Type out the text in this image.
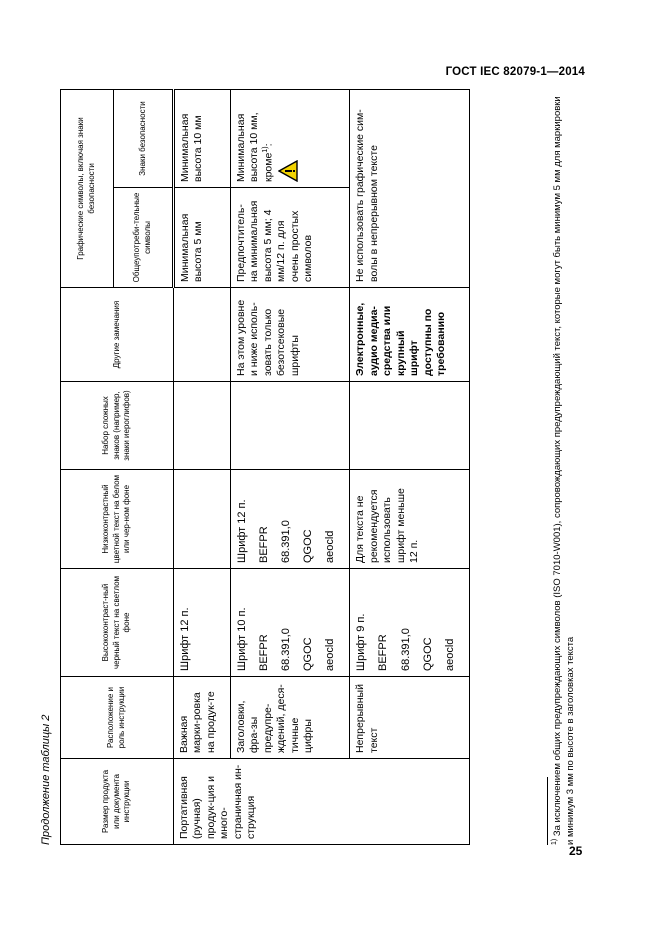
ГОСТ IEC 82079-1—2014
Продолжение таблицы 2	Размер продукта или документа инструкции	Расположение и роль инструкции	Высококонтраст-ный черный текст на светлом фоне	Низкоконтрастный цветной текст на белом или чер-ном фоне	Набор сложных знаков (например, знаки иероглифов)	Другие замечания	Графические символы, включая знаки безопасности	
						Общеупотреби-тельные символы	Знаки безопасности
Портативная (ручная) продук-ция и много-страничная ин-струкция	Важная марки-ровка на продук-те	Шрифт 12 п.				Минимальная высота 5 мм	Минимальная высота 10 мм
	Заголовки, фра-зы предупре-ждений, деся-тичные цифры	Шрифт 10 п. BEFPR 68.391,0 QGOC aeocld	Шрифт 12 п. BEFPR 68.391,0 QGOC aeocld		На этом уровне и ниже исполь-зовать только безотсековые шрифты	Предпочтитель-на минимальная высота 5 мм; 4 мм/12 п. для очень простых символов	Минимальная высота 10 мм, кроме$^{1)}$:

	Непрерывный текст	Шрифт 9 п. BEFPR 68.391,0 QGOC aeocld	Для текста не рекомендуется использовать шрифт меньше 12 п.		Электронные, аудио медиа-средства или крупный шрифт доступны по требованию	Не использовать графические сим-волы в непрерывном тексте	
$^{1)}$ За исключением общих предупреждающих символов (ISO 7010-W001), сопровождающих предупреждающий текст, которые могут быть минимум 5 мм для маркировки и минимум 3 мм по высоте в заголовках текста
25
